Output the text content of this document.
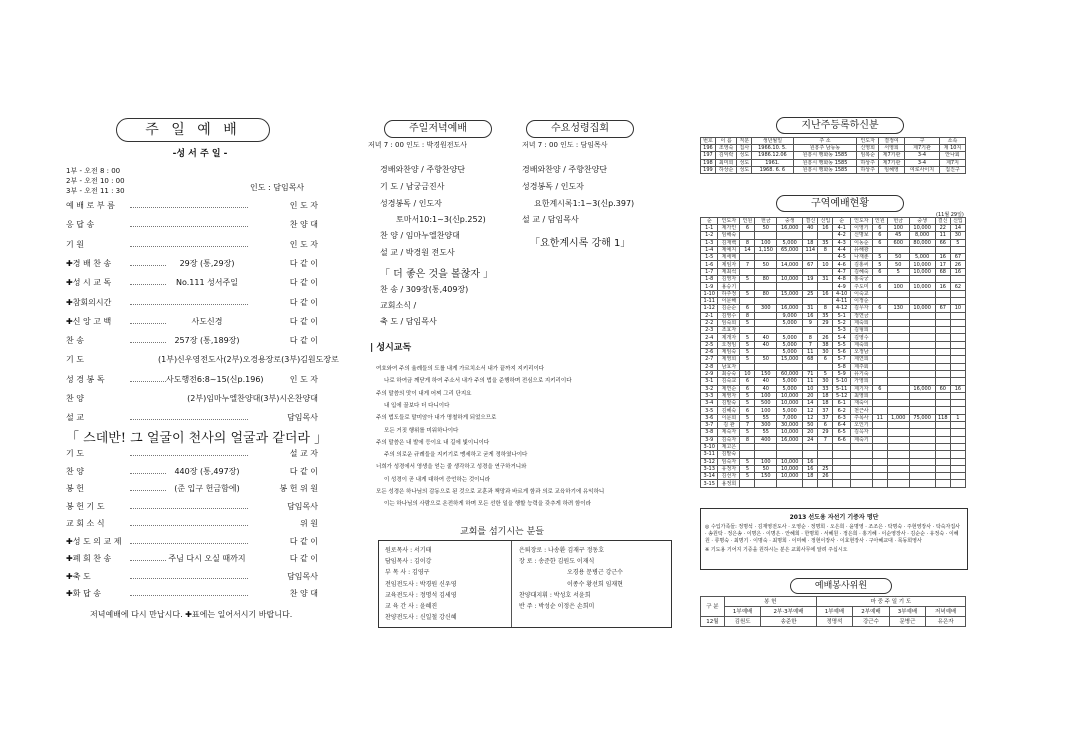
주 일 예 배
-성 서 주 일 -
1부 - 오전 8 : 00
2부 - 오전 10 : 00
3부 - 오전 11 : 30	인도 : 담임목사
예 배 로 부 름	인 도 자
응 답 송	찬 양 대
기 원	인 도 자
✚경 배 찬 송	29장 (통,29장)	다 같 이
✚성 시 교 독	No.111 성서주일	다 같 이
✚참회의시간	다 같 이
✚신 앙 고 백	사도신경	다 같 이
찬 송	257장 (통,189장)	다 같 이
기 도	(1부)신우영전도사(2부)오경용장로(3부)김원도장로
성 경 봉 독	사도행전6:8~15(신p.196)	인 도 자
찬 양	(2부)임마누엘찬양대(3부)시온찬양대
설 교	담임목사
「 스데반! 그 얼굴이 천사의 얼굴과 같더라 」
기 도	설 교 자
찬 양	440장 (통,497장)	다 같 이
봉 헌	(준 입구 헌금함에)	봉 헌 위 원
봉 헌 기 도	담임목사
교 회 소 식	위 원
✚성 도 의 교 제	다 같 이
✚폐 회 찬 송	주님 다시 오실 때까지	다 같 이
✚축 도	담임목사
✚화 답 송	찬 양 대
저녁예배에 다시 만납시다. ✚표에는 일어서시기 바랍니다.
주일저녁예배	수요성령집회
저녁 7 : 00 인도 : 박경원전도사	저녁 7 : 00 인도 : 담임목사
경배와찬양 / 주향찬양단
기 도 / 남궁금진사
성경봉독 / 인도자
토마서10:1~3(신p.252)
찬 양 / 임마누엘찬양대
설 교 / 박경원 전도사
「 더 좋은 것을 볼찮자 」
찬 송 / 309장(통,409장)
교회소식 /
축 도 / 담임목사
경배와찬양 / 주향찬양단
성경봉독 / 인도자
요한계시록1:1~3(신p.397)
설 교 / 담임목사
「요한계시록 강해 1」
| 성시교독
여호와여 주의 율례들의 도를 내게 가르치소서 내가 끝까지 지키리이다
나로 하여금 깨닫게 하여 주소서 내가 주의 법을 준행하며 전심으로 지키리이다
주의 말씀의 맛이 내게 어찌 그리 단지요
내 입에 꿀보다 더 다니이다
주의 법도들로 말미암아 내가 명철하게 되었으므로
모든 거짓 행위를 미워하나이다
주의 말씀은 내 발에 등이요 내 길에 빛이니이다
주의 의로운 규례들을 지키기로 맹세하고 굳게 정하였나이다
너희가 성경에서 영생을 얻는 줄 생각하고 성경을 연구하거니와
이 성경이 곧 내게 대하여 증언하는 것이니라
모든 성경은 하나님의 감동으로 된 것으로 교훈과 책망과 바르게 함과 의로 교육하기에 유익하니
이는 하나님의 사람으로 온전하게 하며 모든 선한 일을 행할 능력을 갖추게 하려 함이라
교회를 섬기시는 분들
원로목사 : 서기태
담임목사 : 김이강
부 목 사 : 김영구
전임전도사 : 박경원 신우영
교육전도사 : 정명석 김세영
교 육 간 사 : 윤혜진
찬양전도사 : 신일철 강신혜
은퇴장로 : 나송환 김재구 정동호
장 로 : 송준한 김원도 이재식
오경용 문병근 강근수
이종수 황선희 임재현
찬양대지휘 : 박성호 서윤희
반 주 : 박성순 이정은 손희미
지난주등록하신분
번호	이 름	직분	생년월일	주 소	인도자	결정여	구	소속
196	조영숙	집사	1966.10. 5.	원흥주 남등동	신영희	서영희	제7기관	제 10지
197	김익락	성도	1986.12.06	원흥시 행화동 1585	임복순	제7기관	3-4	안나회
198	최미희	성도	1961.	원흥시 행화동 1585	하상주	제7기관	3-4	제7지
199	하상순	성도	1968. 6. 6	원흥시 행화동 1585	하상주	임혜영	여로사이지	집진구
구역예배현황
(11월 29일)
순	인도자	인원	헌금	중생	결신	신입	순	인도자	인원	헌금	중생	결신	신입
1-1	제가인	6	50	16,000	40	16	4-1	이영기	6	100	10,000	22	14
1-2	임해숙						4-2	신명보	6	45	8,000	11	30
1-3	김재백	8	100	5,000	18	35	4-3	이동순	6	600	80,000	66	5
1-4	제예지	14	1,150	65,000	114	8	4-4	유해광					
1-5	제세메						4-5	나재춘	5	50	5,000	16	67
1-6	제임자	7	50	14,000	67	10	4-6	김홍씨	5	50	10,000	17	26
1-7	제최석						4-7	김혜숙	6	5	10,000	68	16
1-8	김영자	5	80	10,000	19	31	4-8	홍숙궁					
1-9	용승기						4-9	주도미	6	100	10,000	16	62
1-10	하주정	5	80	15,000	25	16	4-10	이숙교					
1-11	이문해						4-11	이정순					
1-12	김순순	6	300	16,000	31	8	4-12	김우자	6	130	10,000	67	10
2-1	김영수	8		9,000	16	35	5-1	정연금					
2-2	임숙희	5		5,000	9	29	5-2	제숙희					
2-3	조효자						5-3	김형희					
2-4	제개자	5	40	5,000	8	26	5-4	김영수					
2-5	오정임	5	40	5,000	7	38	5-5	제숙희					
2-6	제임숙	5		5,000	11	30	5-6	오정남					
2-7	제영희	5	50	15,000	68	6	5-7	제연희					
2-8	남효자						5-8	제주회					
2-9	최승숙	10	150	60,000	71	5	5-9	유기숙					
3-1	김숙교	6	40	5,000	11	30	5-10	가영희					
3-2	제연순	6	40	5,000	10	33	5-11	제기자	6		16,000	60	16
3-3	제영자	5	100	10,000	20	18	5-12	최영희					
3-4	김말숙	5	500	10,000	14	18	6-1	재숙이					
3-5	김혜숙	6	100	5,000	12	37	6-2	천근사					
3-6	이문희	5	55	7,000	12	37	6-3	주목사	11	1,000	75,000	118	1
3-7	김 관	7	300	30,000	50	6	6-4	오인기					
3-8	제숙자	5	55	10,000	20	29	6-5	김옥자					
3-9	김숙자	8	400	16,000	24	7	6-6	제숙기					
3-10	제고은												
3-11	김말숙												
3-12	임숙자	5	100	10,000	16								
3-13	유정자	5	50	10,000	16	25							
3-14	김선자	5	150	10,000	18	26							
3-15	용정희												
2013 선도용 자선기 기증자 명단
◎ 수입가족들: 정명석 · 김재영전도사 · 오영순 · 정명희 · 오은희 · 윤명영 · 조조은 · 탁명숙 · 주현영장사 · 탁숙자집사 · 송원탁 · 정은송 · 이명은 · 이명은 · 안혜희 · 한명희 · 서혜원 · 정은희 · 홍기혜 · 이순영장사 · 김순순 · 유정숙 · 이혜원 · 류명숙 · 최명기 · 이명숙 · 최명희 · 이미혜 · 정현이장사 · 이효현장사 · 구아혜교대 · 목동희영사
※ 기도용 기어지 기증을 원하시는 분은 교회사무에 알려 주십시오
예배봉사위원
구 분	봉 헌		마 중 주 일 기 도			
	1부예배	2부·3부예배	1부예배	2부예배	3부예배	저녁예배
12월	김원도	송준한	정명석	강근수	문병근	유은자
